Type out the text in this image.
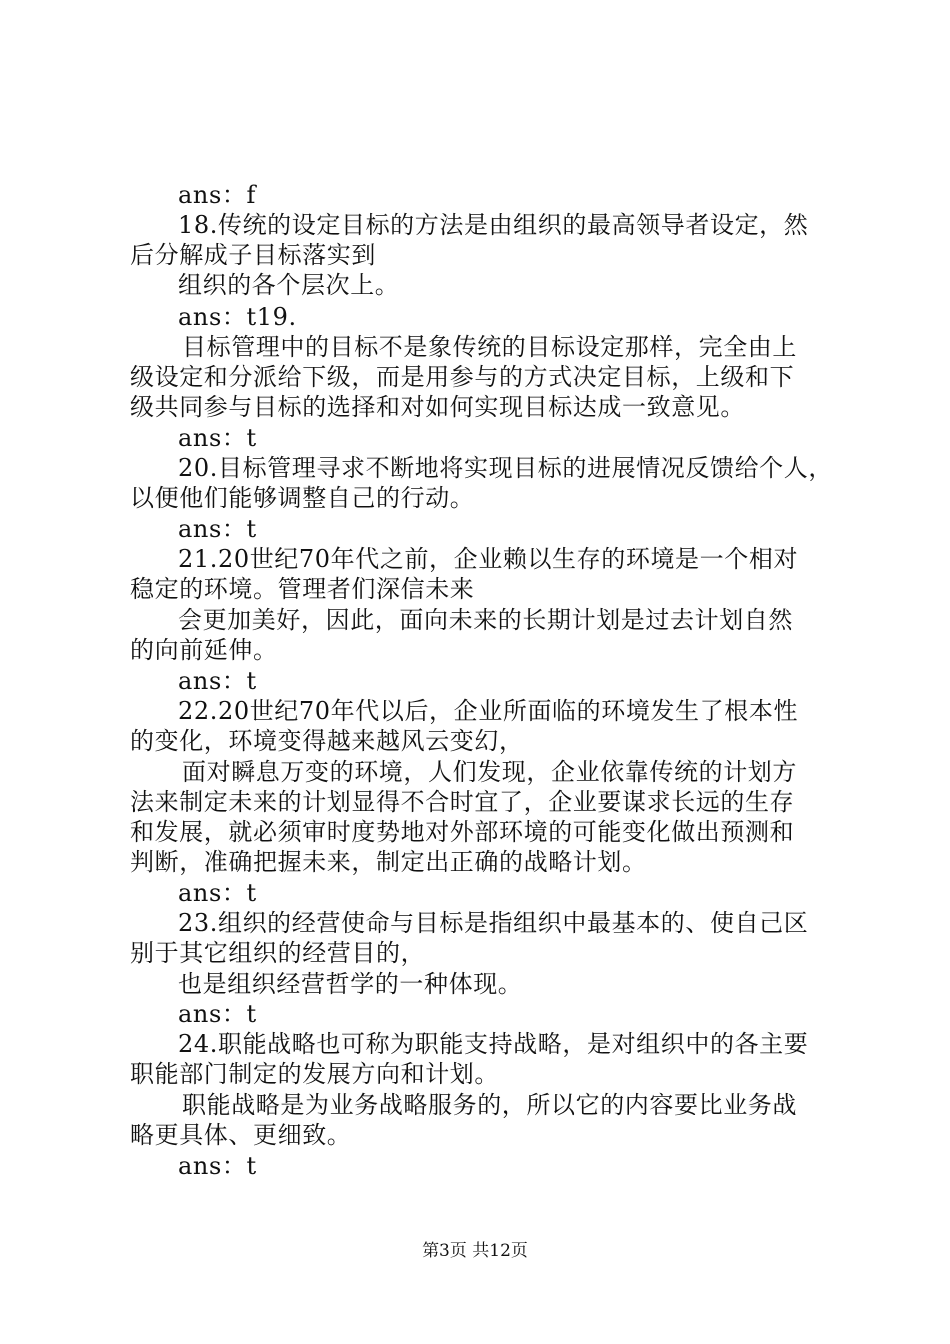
ans：f
18.传统的设定目标的方法是由组织的最高领导者设定，然
后分解成子目标落实到
组织的各个层次上。
ans：t19.
目标管理中的目标不是象传统的目标设定那样，完全由上
级设定和分派给下级，而是用参与的方式决定目标，上级和下
级共同参与目标的选择和对如何实现目标达成一致意见。
ans：t
20.目标管理寻求不断地将实现目标的进展情况反馈给个人，
以便他们能够调整自己的行动。
ans：t
21.20世纪70年代之前，企业赖以生存的环境是一个相对
稳定的环境。管理者们深信未来
会更加美好，因此，面向未来的长期计划是过去计划自然
的向前延伸。
ans：t
22.20世纪70年代以后，企业所面临的环境发生了根本性
的变化，环境变得越来越风云变幻，
面对瞬息万变的环境，人们发现，企业依靠传统的计划方
法来制定未来的计划显得不合时宜了，企业要谋求长远的生存
和发展，就必须审时度势地对外部环境的可能变化做出预测和
判断，准确把握未来，制定出正确的战略计划。
ans：t
23.组织的经营使命与目标是指组织中最基本的、使自己区
别于其它组织的经营目的，
也是组织经营哲学的一种体现。
ans：t
24.职能战略也可称为职能支持战略，是对组织中的各主要
职能部门制定的发展方向和计划。
职能战略是为业务战略服务的，所以它的内容要比业务战
略更具体、更细致。
ans：t
第3页 共12页
